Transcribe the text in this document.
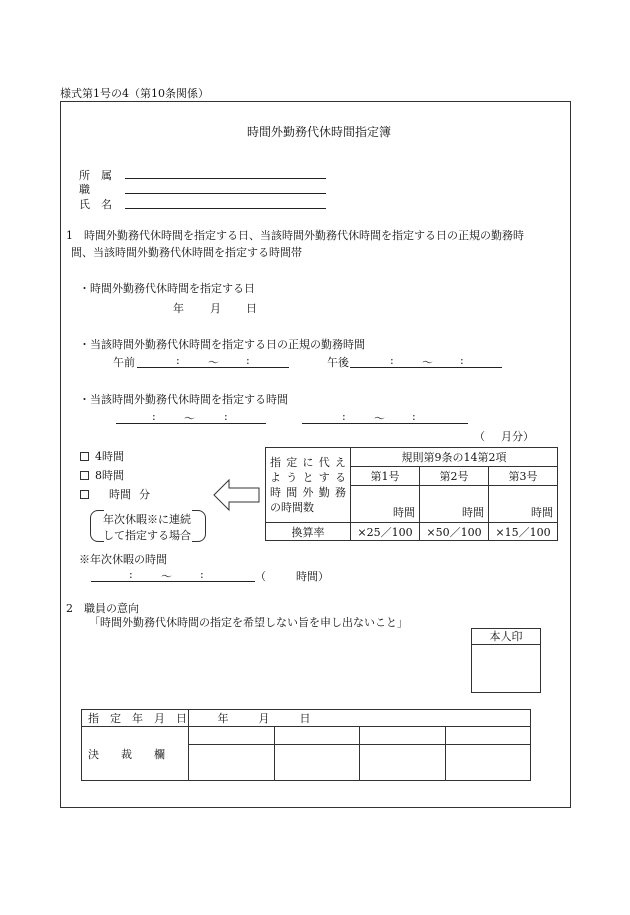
様式第1号の4（第10条関係）
時間外勤務代休時間指定簿
所　属
職
氏　名
1　時間外勤務代休時間を指定する日、当該時間外勤務代休時間を指定する日の正規の勤務時
間、当該時間外勤務代休時間を指定する時間帯
・時間外勤務代休時間を指定する日
年 月 日
・当該時間外勤務代休時間を指定する日の正規の勤務時間
午前	:	～ :	午後	:	～ :
・当該時間外勤務代休時間を指定する時間
:	～	:	:	～ :
（ 月分）
4時間
8時間
時間 分
年次休暇※に連続
して指定する場合
指定に代え
ようとする
時間外勤務
の時間数	規則第9条の14第2項		
	第1号	第2号	第3号
	時間	時間	時間
換算率	×25／100	×50／100	×15／100
※年次休暇の時間
:	～	:	（	時間）
2　職員の意向
「時間外勤務代休時間の指定を希望しない旨を申し出ないこと」
本人印
指　定　年　月　日	年 月 日			
決　　裁　　欄				
